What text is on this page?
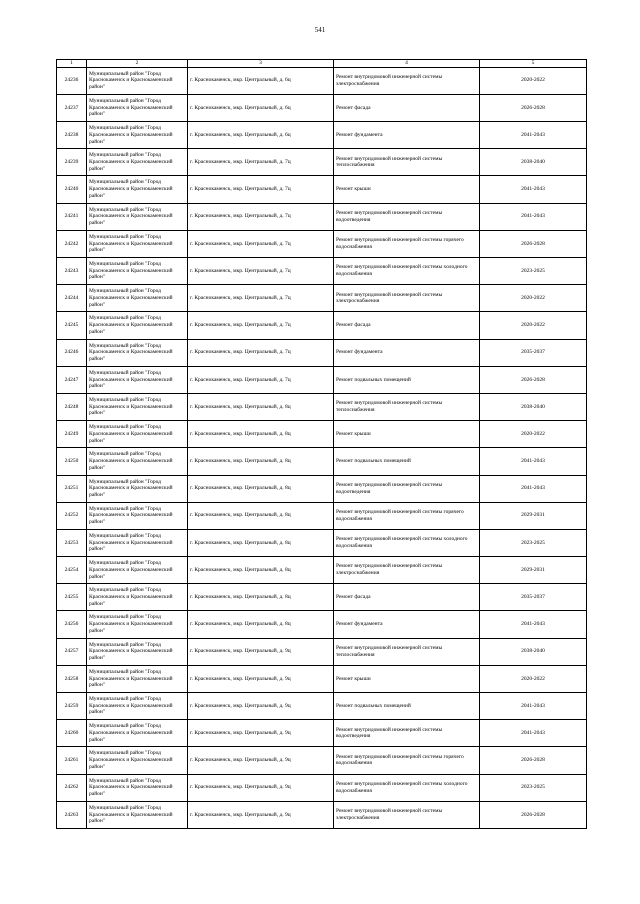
541
1	2	3	4	5
24236	Муниципальный район "Город Краснокаменск и Краснокаменский район"	г. Краснокаменск, мкр. Центральный, д. 6ц	Ремонт внутридомовой инженерной системы электроснабжения	2020-2022
24237	Муниципальный район "Город Краснокаменск и Краснокаменский район"	г. Краснокаменск, мкр. Центральный, д. 6ц	Ремонт фасада	2026-2028
24238	Муниципальный район "Город Краснокаменск и Краснокаменский район"	г. Краснокаменск, мкр. Центральный, д. 6ц	Ремонт фундамента	2041-2043
24239	Муниципальный район "Город Краснокаменск и Краснокаменский район"	г. Краснокаменск, мкр. Центральный, д. 7ц	Ремонт внутридомовой инженерной системы теплоснабжения	2038-2040
24240	Муниципальный район "Город Краснокаменск и Краснокаменский район"	г. Краснокаменск, мкр. Центральный, д. 7ц	Ремонт крыши	2041-2043
24241	Муниципальный район "Город Краснокаменск и Краснокаменский район"	г. Краснокаменск, мкр. Центральный, д. 7ц	Ремонт внутридомовой инженерной системы водоотведения	2041-2043
24242	Муниципальный район "Город Краснокаменск и Краснокаменский район"	г. Краснокаменск, мкр. Центральный, д. 7ц	Ремонт внутридомовой инженерной системы горячего водоснабжения	2026-2028
24243	Муниципальный район "Город Краснокаменск и Краснокаменский район"	г. Краснокаменск, мкр. Центральный, д. 7ц	Ремонт внутридомовой инженерной системы холодного водоснабжения	2023-2025
24244	Муниципальный район "Город Краснокаменск и Краснокаменский район"	г. Краснокаменск, мкр. Центральный, д. 7ц	Ремонт внутридомовой инженерной системы электроснабжения	2020-2022
24245	Муниципальный район "Город Краснокаменск и Краснокаменский район"	г. Краснокаменск, мкр. Центральный, д. 7ц	Ремонт фасада	2020-2022
24246	Муниципальный район "Город Краснокаменск и Краснокаменский район"	г. Краснокаменск, мкр. Центральный, д. 7ц	Ремонт фундамента	2035-2037
24247	Муниципальный район "Город Краснокаменск и Краснокаменский район"	г. Краснокаменск, мкр. Центральный, д. 7ц	Ремонт подвальных помещений	2026-2028
24248	Муниципальный район "Город Краснокаменск и Краснокаменский район"	г. Краснокаменск, мкр. Центральный, д. 8ц	Ремонт внутридомовой инженерной системы теплоснабжения	2038-2040
24249	Муниципальный район "Город Краснокаменск и Краснокаменский район"	г. Краснокаменск, мкр. Центральный, д. 8ц	Ремонт крыши	2020-2022
24250	Муниципальный район "Город Краснокаменск и Краснокаменский район"	г. Краснокаменск, мкр. Центральный, д. 8ц	Ремонт подвальных помещений	2041-2043
24251	Муниципальный район "Город Краснокаменск и Краснокаменский район"	г. Краснокаменск, мкр. Центральный, д. 8ц	Ремонт внутридомовой инженерной системы водоотведения	2041-2043
24252	Муниципальный район "Город Краснокаменск и Краснокаменский район"	г. Краснокаменск, мкр. Центральный, д. 8ц	Ремонт внутридомовой инженерной системы горячего водоснабжения	2029-2031
24253	Муниципальный район "Город Краснокаменск и Краснокаменский район"	г. Краснокаменск, мкр. Центральный, д. 8ц	Ремонт внутридомовой инженерной системы холодного водоснабжения	2023-2025
24254	Муниципальный район "Город Краснокаменск и Краснокаменский район"	г. Краснокаменск, мкр. Центральный, д. 8ц	Ремонт внутридомовой инженерной системы электроснабжения	2029-2031
24255	Муниципальный район "Город Краснокаменск и Краснокаменский район"	г. Краснокаменск, мкр. Центральный, д. 8ц	Ремонт фасада	2035-2037
24256	Муниципальный район "Город Краснокаменск и Краснокаменский район"	г. Краснокаменск, мкр. Центральный, д. 8ц	Ремонт фундамента	2041-2043
24257	Муниципальный район "Город Краснокаменск и Краснокаменский район"	г. Краснокаменск, мкр. Центральный, д. 9ц	Ремонт внутридомовой инженерной системы теплоснабжения	2038-2040
24258	Муниципальный район "Город Краснокаменск и Краснокаменский район"	г. Краснокаменск, мкр. Центральный, д. 9ц	Ремонт крыши	2020-2022
24259	Муниципальный район "Город Краснокаменск и Краснокаменский район"	г. Краснокаменск, мкр. Центральный, д. 9ц	Ремонт подвальных помещений	2041-2043
24260	Муниципальный район "Город Краснокаменск и Краснокаменский район"	г. Краснокаменск, мкр. Центральный, д. 9ц	Ремонт внутридомовой инженерной системы водоотведения	2041-2043
24261	Муниципальный район "Город Краснокаменск и Краснокаменский район"	г. Краснокаменск, мкр. Центральный, д. 9ц	Ремонт внутридомовой инженерной системы горячего водоснабжения	2026-2028
24262	Муниципальный район "Город Краснокаменск и Краснокаменский район"	г. Краснокаменск, мкр. Центральный, д. 9ц	Ремонт внутридомовой инженерной системы холодного водоснабжения	2023-2025
24263	Муниципальный район "Город Краснокаменск и Краснокаменский район"	г. Краснокаменск, мкр. Центральный, д. 9ц	Ремонт внутридомовой инженерной системы электроснабжения	2026-2028
